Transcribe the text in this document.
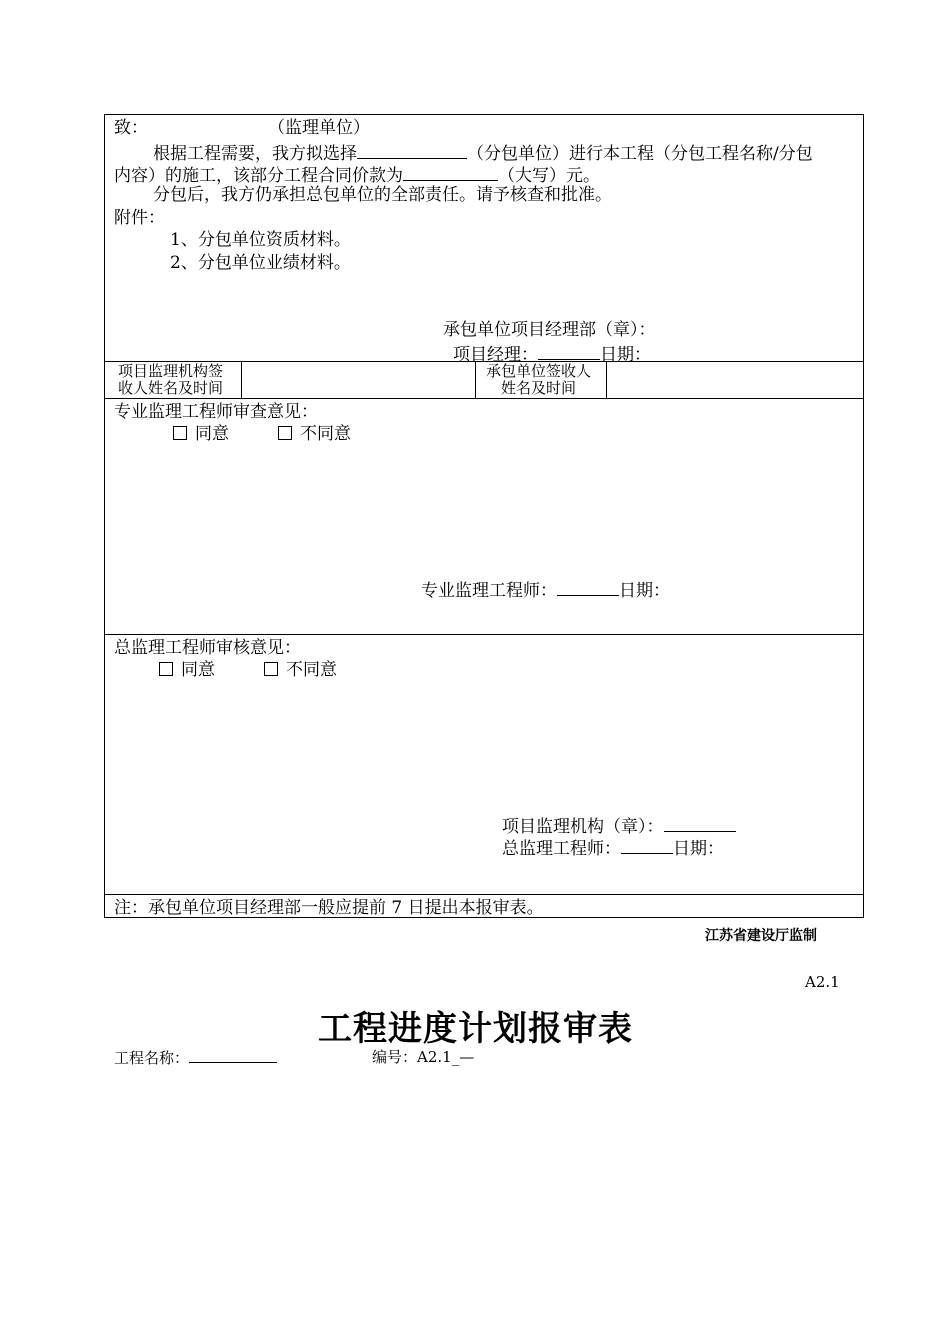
致：	（监理单位）
根据工程需要，我方拟选择	（分包单位）进行本工程（分包工程名称/分包
内容）的施工，该部分工程合同价款为	（大写）元。
分包后，我方仍承担总包单位的全部责任。请予核查和批准。
附件：
1、分包单位资质材料。
2、分包单位业绩材料。
承包单位项目经理部（章）：
项目经理：	日期：
项目监理机构签
收人姓名及时间
承包单位签收人
姓名及时间
专业监理工程师审查意见：
同意	不同意
专业监理工程师：	日期：
总监理工程师审核意见：
同意	不同意
项目监理机构（章）：
总监理工程师：	日期：
注：承包单位项目经理部一般应提前 7 日提出本报审表。
江苏省建设厅监制
A2.1
工程进度计划报审表
工程名称：	编号：A2.1_—
